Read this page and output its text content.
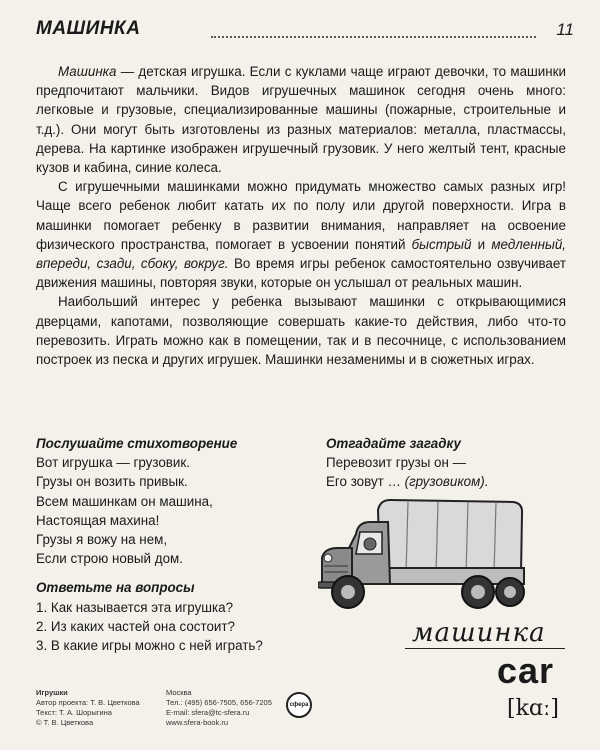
МАШИНКА	11

Машинка — детская игрушка. Если с куклами чаще играют девочки, то машинки предпочитают мальчики. Видов игрушечных машинок сегодня очень много: легковые и грузовые, специализированные машины (пожарные, строительные и т.д.). Они могут быть изготовлены из разных материалов: металла, пластмассы, дерева. На картинке изображен игрушечный грузовик. У него желтый тент, красные кузов и кабина, синие колеса.

С игрушечными машинками можно придумать множество самых разных игр! Чаще всего ребенок любит катать их по полу или другой поверхности. Игра в машинки помогает ребенку в развитии внимания, направляет на освоение физического пространства, помогает в усвоении понятий быстрый и медленный, впереди, сзади, сбоку, вокруг. Во время игры ребенок самостоятельно озвучивает движения машины, повторяя звуки, которые он услышал от реальных машин.

Наибольший интерес у ребенка вызывают машинки с открывающимися дверцами, капотами, позволяющие совершать какие-то действия, либо что-то перевозить. Играть можно как в помещении, так и в песочнице, с использованием построек из песка и других игрушек. Машинки незаменимы и в сюжетных играх.

Послушайте стихотворение
Вот игрушка — грузовик.
Грузы он возить привык.
Всем машинкам он машина,
Настоящая махина!
Грузы я вожу на нем,
Если строю новый дом.
Ответьте на вопросы
1. Как называется эта игрушка?
2. Из каких частей она состоит?
3. В какие игры можно с ней играть?
Отгадайте загадку
Перевозит грузы он —
Его зовут … (грузовиком).
машинка
car
[kɑː]
Игрушки
Автор проекта: Т. В. Цветкова
Текст: Т. А. Шорыгина
© Т. В. Цветкова
Москва
Тел.: (495) 656-7505, 656-7205
E-mail: sfera@tc-sfera.ru
www.sfera-book.ru
сфера
